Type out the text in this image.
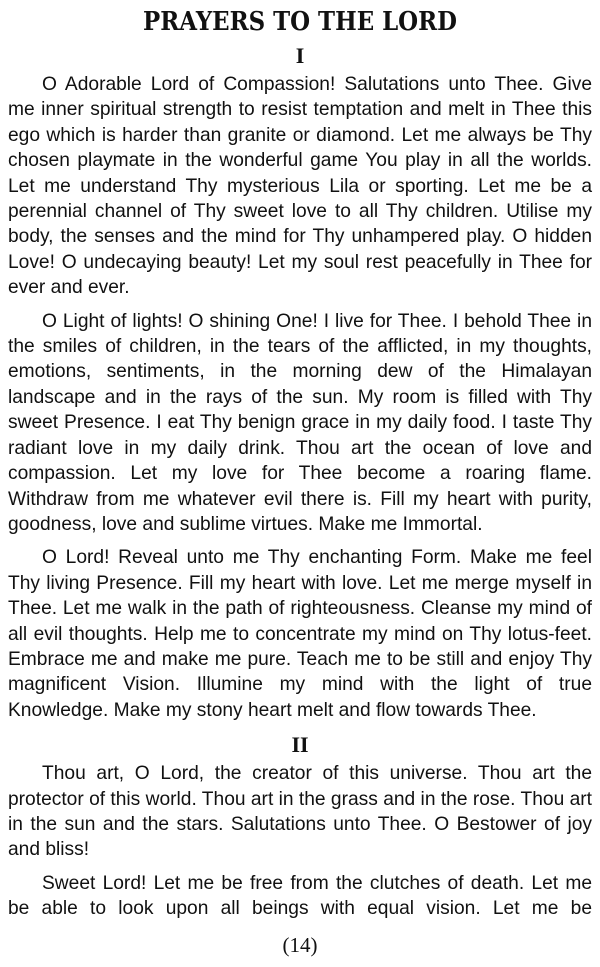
PRAYERS TO THE LORD
I

O Adorable Lord of Compassion! Salutations unto Thee. Give me inner spiritual strength to resist temptation and melt in Thee this ego which is harder than granite or diamond. Let me always be Thy chosen playmate in the wonderful game You play in all the worlds. Let me understand Thy mysterious Lila or sporting. Let me be a perennial channel of Thy sweet love to all Thy children. Utilise my body, the senses and the mind for Thy unhampered play. O hidden Love! O undecaying beauty! Let my soul rest peacefully in Thee for ever and ever.

O Light of lights! O shining One! I live for Thee. I behold Thee in the smiles of children, in the tears of the afflicted, in my thoughts, emotions, sentiments, in the morning dew of the Himalayan landscape and in the rays of the sun. My room is filled with Thy sweet Presence. I eat Thy benign grace in my daily food. I taste Thy radiant love in my daily drink. Thou art the ocean of love and compassion. Let my love for Thee become a roaring flame. Withdraw from me whatever evil there is. Fill my heart with purity, goodness, love and sublime virtues. Make me Immortal.

O Lord! Reveal unto me Thy enchanting Form. Make me feel Thy living Presence. Fill my heart with love. Let me merge myself in Thee. Let me walk in the path of righteousness. Cleanse my mind of all evil thoughts. Help me to concentrate my mind on Thy lotus-feet. Embrace me and make me pure. Teach me to be still and enjoy Thy magnificent Vision. Illumine my mind with the light of true Knowledge. Make my stony heart melt and flow towards Thee.

II

Thou art, O Lord, the creator of this universe. Thou art the protector of this world. Thou art in the grass and in the rose. Thou art in the sun and the stars. Salutations unto Thee. O Bestower of joy and bliss!

Sweet Lord! Let me be free from the clutches of death. Let me be able to look upon all beings with equal vision. Let me be

(14)
